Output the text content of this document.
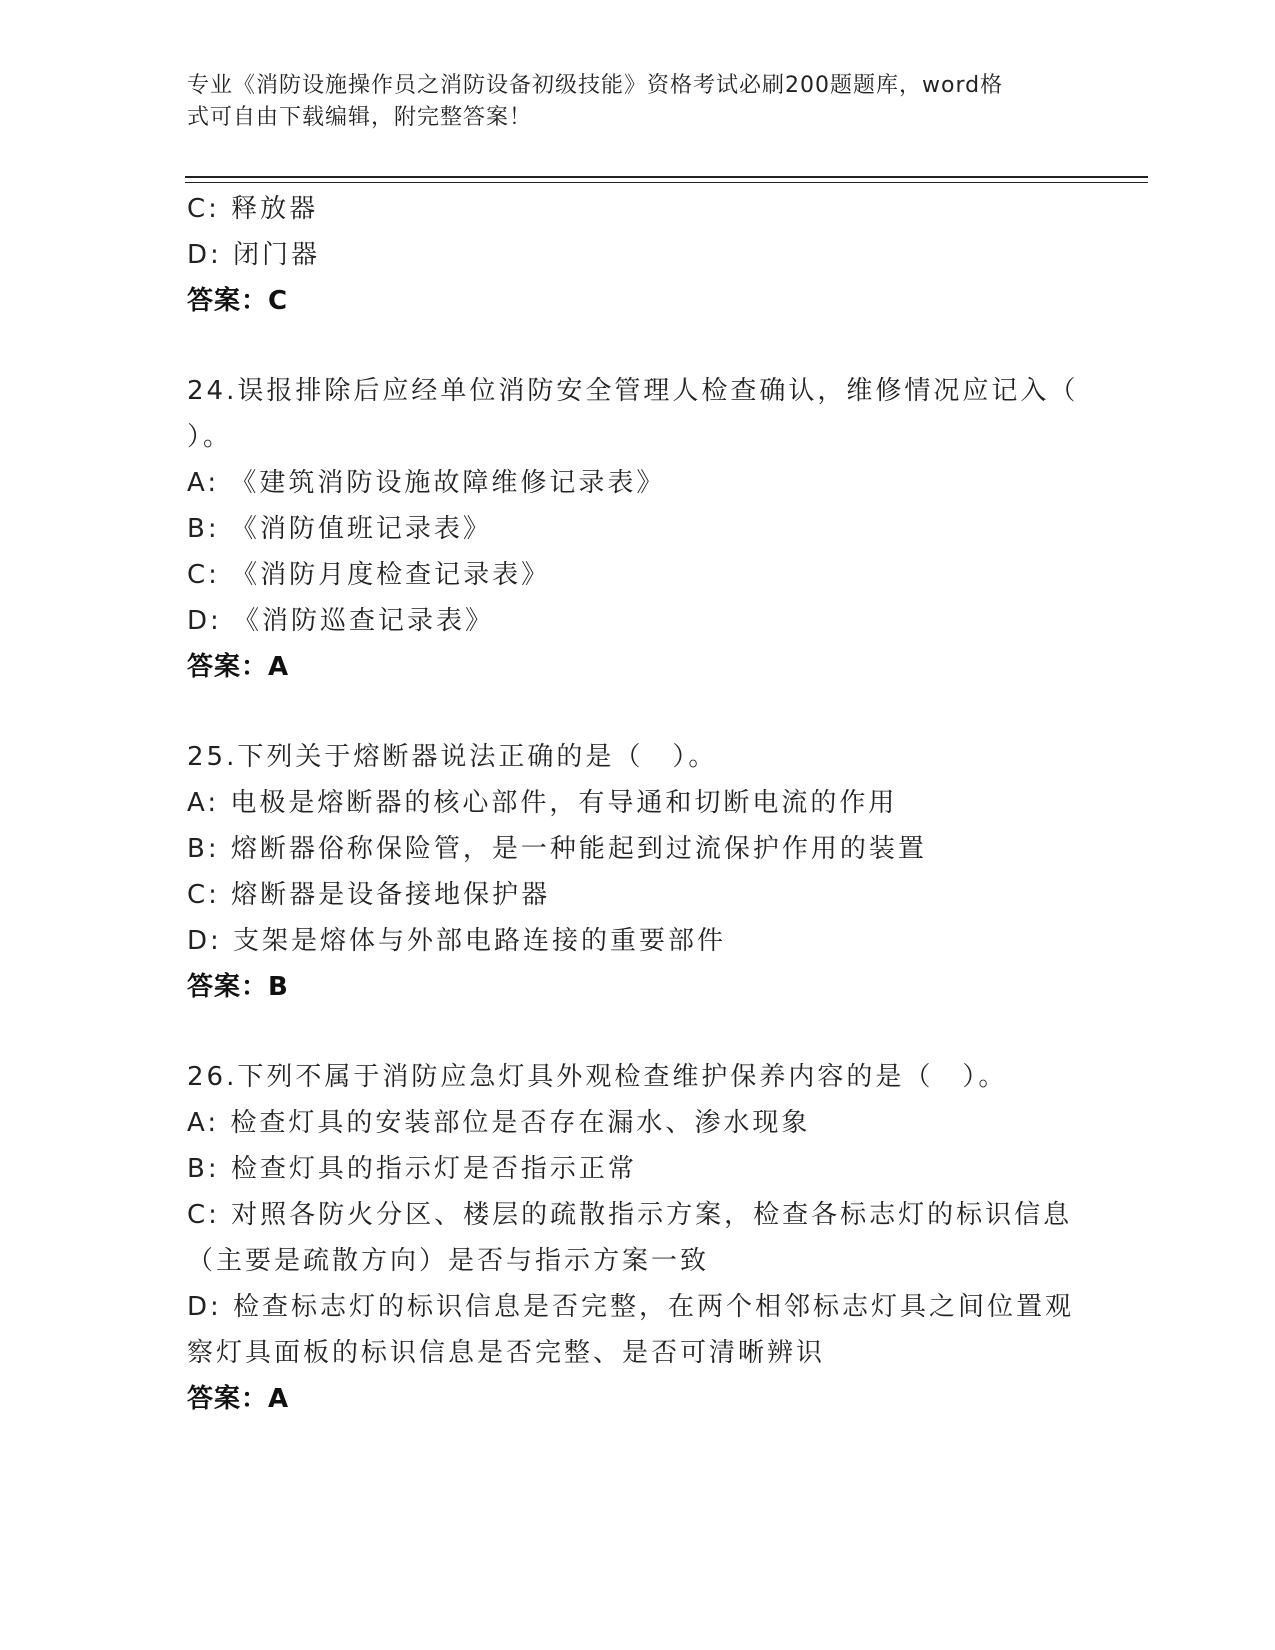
专业《消防设施操作员之消防设备初级技能》资格考试必刷200题题库，word格
式可自由下载编辑，附完整答案！
C: 释放器
D: 闭门器
答案：C
24.误报排除后应经单位消防安全管理人检查确认，维修情况应记入（
）。
A: 《建筑消防设施故障维修记录表》
B: 《消防值班记录表》
C: 《消防月度检查记录表》
D: 《消防巡查记录表》
答案：A
25.下列关于熔断器说法正确的是（　）。
A: 电极是熔断器的核心部件，有导通和切断电流的作用
B: 熔断器俗称保险管，是一种能起到过流保护作用的装置
C: 熔断器是设备接地保护器
D: 支架是熔体与外部电路连接的重要部件
答案：B
26.下列不属于消防应急灯具外观检查维护保养内容的是（　）。
A: 检查灯具的安装部位是否存在漏水、渗水现象
B: 检查灯具的指示灯是否指示正常
C: 对照各防火分区、楼层的疏散指示方案，检查各标志灯的标识信息
（主要是疏散方向）是否与指示方案一致
D: 检查标志灯的标识信息是否完整，在两个相邻标志灯具之间位置观
察灯具面板的标识信息是否完整、是否可清晰辨识
答案：A
